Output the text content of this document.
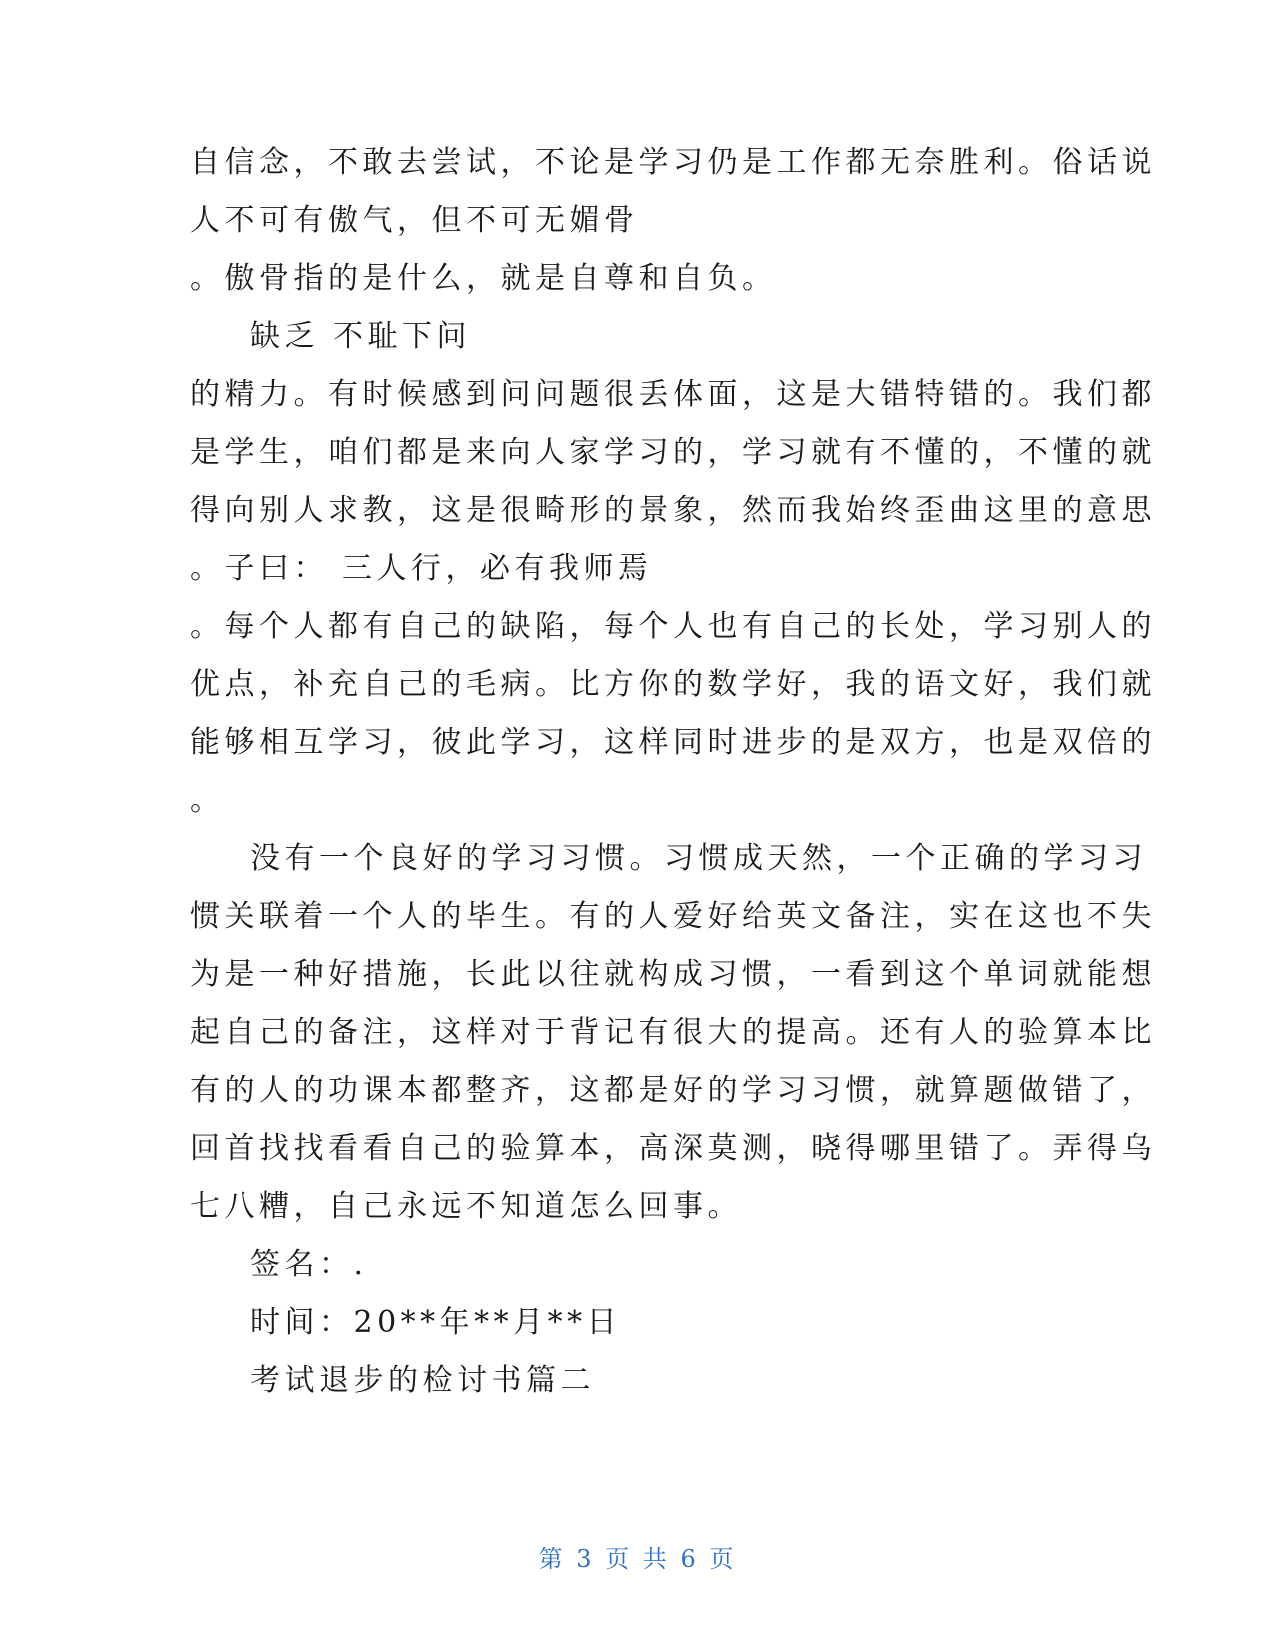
自信念，不敢去尝试，不论是学习仍是工作都无奈胜利。俗话说
人不可有傲气，但不可无媚骨
。傲骨指的是什么，就是自尊和自负。
缺乏 不耻下问
的精力。有时候感到问问题很丢体面，这是大错特错的。我们都
是学生，咱们都是来向人家学习的，学习就有不懂的，不懂的就
得向别人求教，这是很畸形的景象，然而我始终歪曲这里的意思
。子曰： 三人行，必有我师焉
。每个人都有自己的缺陷，每个人也有自己的长处，学习别人的
优点，补充自己的毛病。比方你的数学好，我的语文好，我们就
能够相互学习，彼此学习，这样同时进步的是双方，也是双倍的
。
没有一个良好的学习习惯。习惯成天然，一个正确的学习习
惯关联着一个人的毕生。有的人爱好给英文备注，实在这也不失
为是一种好措施，长此以往就构成习惯，一看到这个单词就能想
起自己的备注，这样对于背记有很大的提高。还有人的验算本比
有的人的功课本都整齐，这都是好的学习习惯，就算题做错了，
回首找找看看自己的验算本，高深莫测，晓得哪里错了。弄得乌
七八糟，自己永远不知道怎么回事。
签名：.
时间：20**年**月**日
考试退步的检讨书篇二
第 3 页 共 6 页
